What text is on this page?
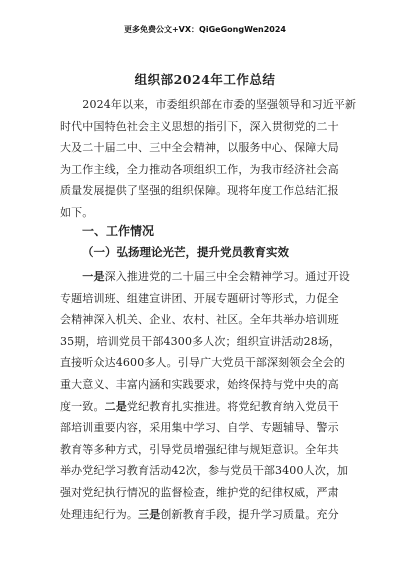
更多免费公文+VX：QiGeGongWen2024
组织部2024年工作总结
　　2024年以来，市委组织部在市委的坚强领导和习近平新
时代中国特色社会主义思想的指引下，深入贯彻党的二十
大及二十届二中、三中全会精神，以服务中心、保障大局
为工作主线，全力推动各项组织工作，为我市经济社会高
质量发展提供了坚强的组织保障。现将年度工作总结汇报
如下。
一、工作情况
（一）弘扬理论光芒，提升党员教育实效
　　一是深入推进党的二十届三中全会精神学习。通过开设
专题培训班、组建宣讲团、开展专题研讨等形式，力促全
会精神深入机关、企业、农村、社区。全年共举办培训班
35期，培训党员干部4300多人次；组织宣讲活动28场，
直接听众达4600多人。引导广大党员干部深刻领会全会的
重大意义、丰富内涵和实践要求，始终保持与党中央的高
度一致。二是党纪教育扎实推进。将党纪教育纳入党员干
部培训重要内容，采用集中学习、自学、专题辅导、警示
教育等多种方式，引导党员增强纪律与规矩意识。全年共
举办党纪学习教育活动42次，参与党员干部3400人次，加
强对党纪执行情况的监督检查，维护党的纪律权威，严肃
处理违纪行为。三是创新教育手段，提升学习质量。充分
